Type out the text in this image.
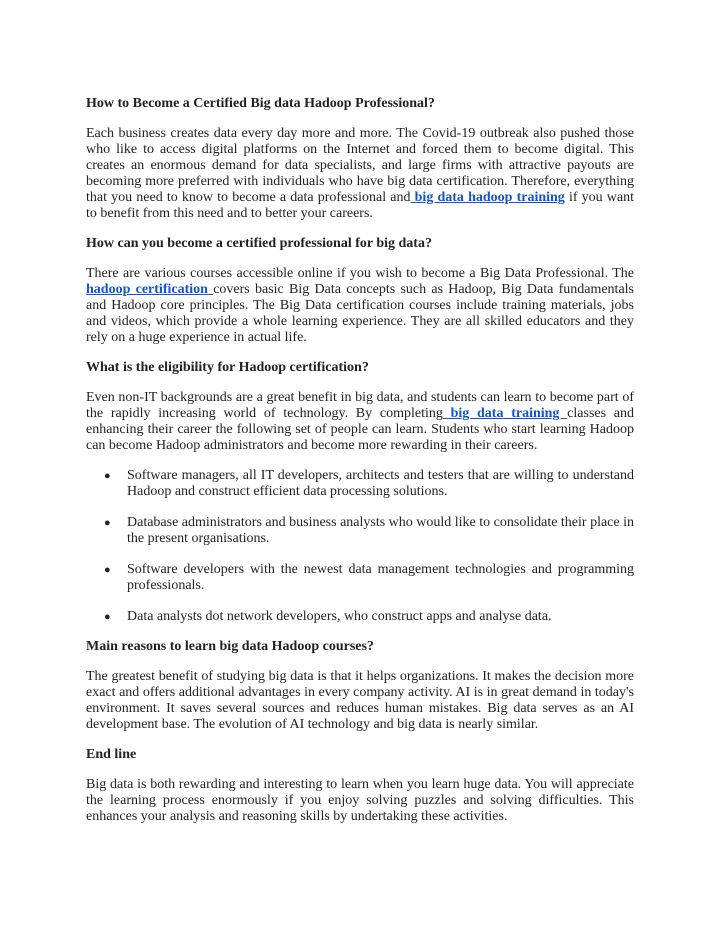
How to Become a Certified Big data Hadoop Professional?

Each business creates data every day more and more. The Covid-19 outbreak also pushed those who like to access digital platforms on the Internet and forced them to become digital. This creates an enormous demand for data specialists, and large firms with attractive payouts are becoming more preferred with individuals who have big data certification. Therefore, everything that you need to know to become a data professional and big data hadoop training if you want to benefit from this need and to better your careers.

How can you become a certified professional for big data?

There are various courses accessible online if you wish to become a Big Data Professional. The hadoop certification covers basic Big Data concepts such as Hadoop, Big Data fundamentals and Hadoop core principles. The Big Data certification courses include training materials, jobs and videos, which provide a whole learning experience. They are all skilled educators and they rely on a huge experience in actual life.

What is the eligibility for Hadoop certification?

Even non-IT backgrounds are a great benefit in big data, and students can learn to become part of the rapidly increasing world of technology. By completing big data training classes and enhancing their career the following set of people can learn. Students who start learning Hadoop can become Hadoop administrators and become more rewarding in their careers.

● Software managers, all IT developers, architects and testers that are willing to understand Hadoop and construct efficient data processing solutions.
● Database administrators and business analysts who would like to consolidate their place in the present organisations.
● Software developers with the newest data management technologies and programming professionals.
● Data analysts dot network developers, who construct apps and analyse data.
Main reasons to learn big data Hadoop courses?

The greatest benefit of studying big data is that it helps organizations. It makes the decision more exact and offers additional advantages in every company activity. AI is in great demand in today's environment. It saves several sources and reduces human mistakes. Big data serves as an AI development base. The evolution of AI technology and big data is nearly similar.

End line

Big data is both rewarding and interesting to learn when you learn huge data. You will appreciate the learning process enormously if you enjoy solving puzzles and solving difficulties. This enhances your analysis and reasoning skills by undertaking these activities.
